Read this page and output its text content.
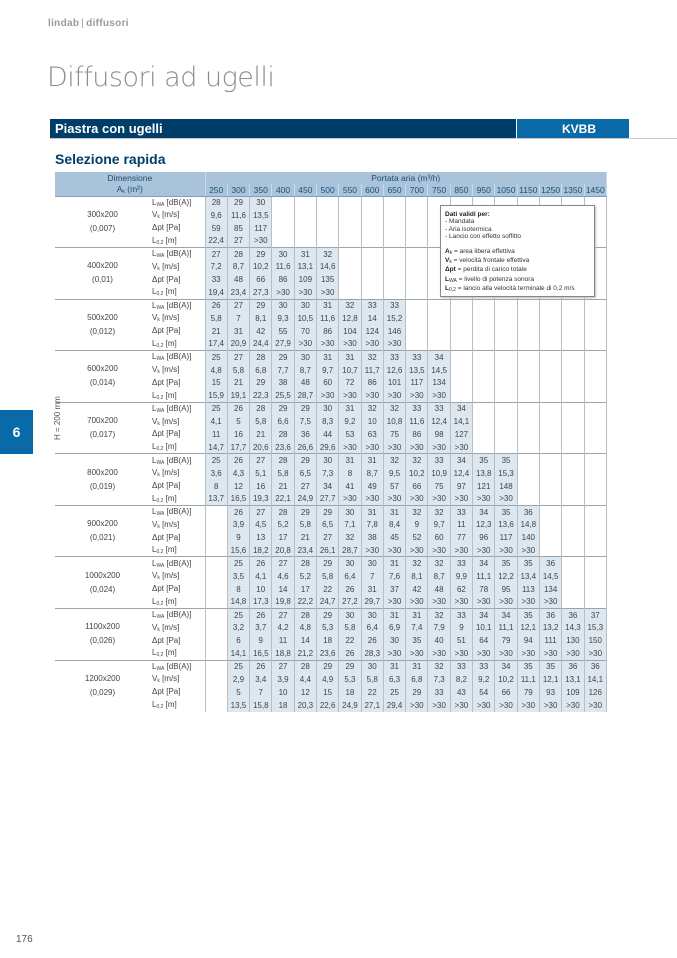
lindab | diffusori
Diffusori ad ugelli
Piastra con ugelli	KVBB
Selezione rapida
Dimensione		Portata aria (m³/h)																	
$A_k$ (m²)		250	300	350	400	450	500	550	600	650	700	750	850	950	1050	1150	1250	1350	1450

300x200
(0,007)	$L_{WA}$ [dB(A)]	28	29	30															
	$V_k$ [m/s]	9,6	11,6	13,5															
	Δpt [Pa]	59	85	117															
	$L_{0,2}$ [m]	22,4	27	>30															

400x200
(0,01)	$L_{WA}$ [dB(A)]	27	28	29	30	31	32												
	$V_k$ [m/s]	7,2	8,7	10,2	11,6	13,1	14,6												
	Δpt [Pa]	33	48	66	86	109	135												
	$L_{0,2}$ [m]	19,4	23,4	27,3	>30	>30	>30												

500x200
(0,012)	$L_{WA}$ [dB(A)]	26	27	29	30	30	31	32	33	33									
	$V_k$ [m/s]	5,8	7	8,1	9,3	10,5	11,6	12,8	14	15,2									
	Δpt [Pa]	21	31	42	55	70	86	104	124	146									
	$L_{0,2}$ [m]	17,4	20,9	24,4	27,9	>30	>30	>30	>30	>30									

600x200
(0,014)	$L_{WA}$ [dB(A)]	25	27	28	29	30	31	31	32	33	33	34							
	$V_k$ [m/s]	4,8	5,8	6,8	7,7	8,7	9,7	10,7	11,7	12,6	13,5	14,5							
	Δpt [Pa]	15	21	29	38	48	60	72	86	101	117	134							
	$L_{0,2}$ [m]	15,9	19,1	22,3	25,5	28,7	>30	>30	>30	>30	>30	>30							

700x200
(0,017)	$L_{WA}$ [dB(A)]	25	26	28	29	29	30	31	32	32	33	33	34						
	$V_k$ [m/s]	4,1	5	5,8	6,6	7,5	8,3	9,2	10	10,8	11,6	12,4	14,1						
	Δpt [Pa]	11	16	21	28	36	44	53	63	75	86	98	127						
	$L_{0,2}$ [m]	14,7	17,7	20,6	23,6	26,6	29,6	>30	>30	>30	>30	>30	>30						

800x200
(0,019)	$L_{WA}$ [dB(A)]	25	26	27	28	29	30	31	31	32	32	33	34	35	35				
	$V_k$ [m/s]	3,6	4,3	5,1	5,8	6,5	7,3	8	8,7	9,5	10,2	10,9	12,4	13,8	15,3				
	Δpt [Pa]	8	12	16	21	27	34	41	49	57	66	75	97	121	148				
	$L_{0,2}$ [m]	13,7	16,5	19,3	22,1	24,9	27,7	>30	>30	>30	>30	>30	>30	>30	>30				

900x200
(0,021)	$L_{WA}$ [dB(A)]		26	27	28	29	29	30	31	31	32	32	33	34	35	36			
	$V_k$ [m/s]		3,9	4,5	5,2	5,8	6,5	7,1	7,8	8,4	9	9,7	11	12,3	13,6	14,8			
	Δpt [Pa]		9	13	17	21	27	32	38	45	52	60	77	96	117	140			
	$L_{0,2}$ [m]		15,6	18,2	20,8	23,4	26,1	28,7	>30	>30	>30	>30	>30	>30	>30	>30			

1000x200
(0,024)	$L_{WA}$ [dB(A)]		25	26	27	28	29	30	30	31	32	32	33	34	35	35	36		
	$V_k$ [m/s]		3,5	4,1	4,6	5,2	5,8	6,4	7	7,6	8,1	8,7	9,9	11,1	12,2	13,4	14,5		
	Δpt [Pa]		8	10	14	17	22	26	31	37	42	48	62	78	95	113	134		
	$L_{0,2}$ [m]		14,8	17,3	19,8	22,2	24,7	27,2	29,7	>30	>30	>30	>30	>30	>30	>30	>30		

1100x200
(0,026)	$L_{WA}$ [dB(A)]		25	26	27	28	29	30	30	31	31	32	33	34	34	35	36	36	37
	$V_k$ [m/s]		3,2	3,7	4,2	4,8	5,3	5,8	6,4	6,9	7,4	7,9	9	10,1	11,1	12,1	13,2	14,3	15,3
	Δpt [Pa]		6	9	11	14	18	22	26	30	35	40	51	64	79	94	111	130	150
	$L_{0,2}$ [m]		14,1	16,5	18,8	21,2	23,6	26	28,3	>30	>30	>30	>30	>30	>30	>30	>30	>30	>30

1200x200
(0,029)	$L_{WA}$ [dB(A)]		25	26	27	28	29	29	30	31	31	32	33	33	34	35	35	36	36
	$V_k$ [m/s]		2,9	3,4	3,9	4,4	4,9	5,3	5,8	6,3	6,8	7,3	8,2	9,2	10,2	11,1	12,1	13,1	14,1
	Δpt [Pa]		5	7	10	12	15	18	22	25	29	33	43	54	66	79	93	109	126
	$L_{0,2}$ [m]		13,5	15,8	18	20,3	22,6	24,9	27,1	29,4	>30	>30	>30	>30	>30	>30	>30	>30	>30
Dati validi per:
- Mandata
- Aria isotermica
- Lancio con effetto soffitto
$A_k$ = area libera effettiva
$V_k$ = velocità frontale effettiva
Δpt = perdita di carico totale
$L_{WA}$ = livello di potenza sonora
$L_{0,2}$ = lancio alla velocità terminale di 0,2 m/s
H = 200 mm
6
176
